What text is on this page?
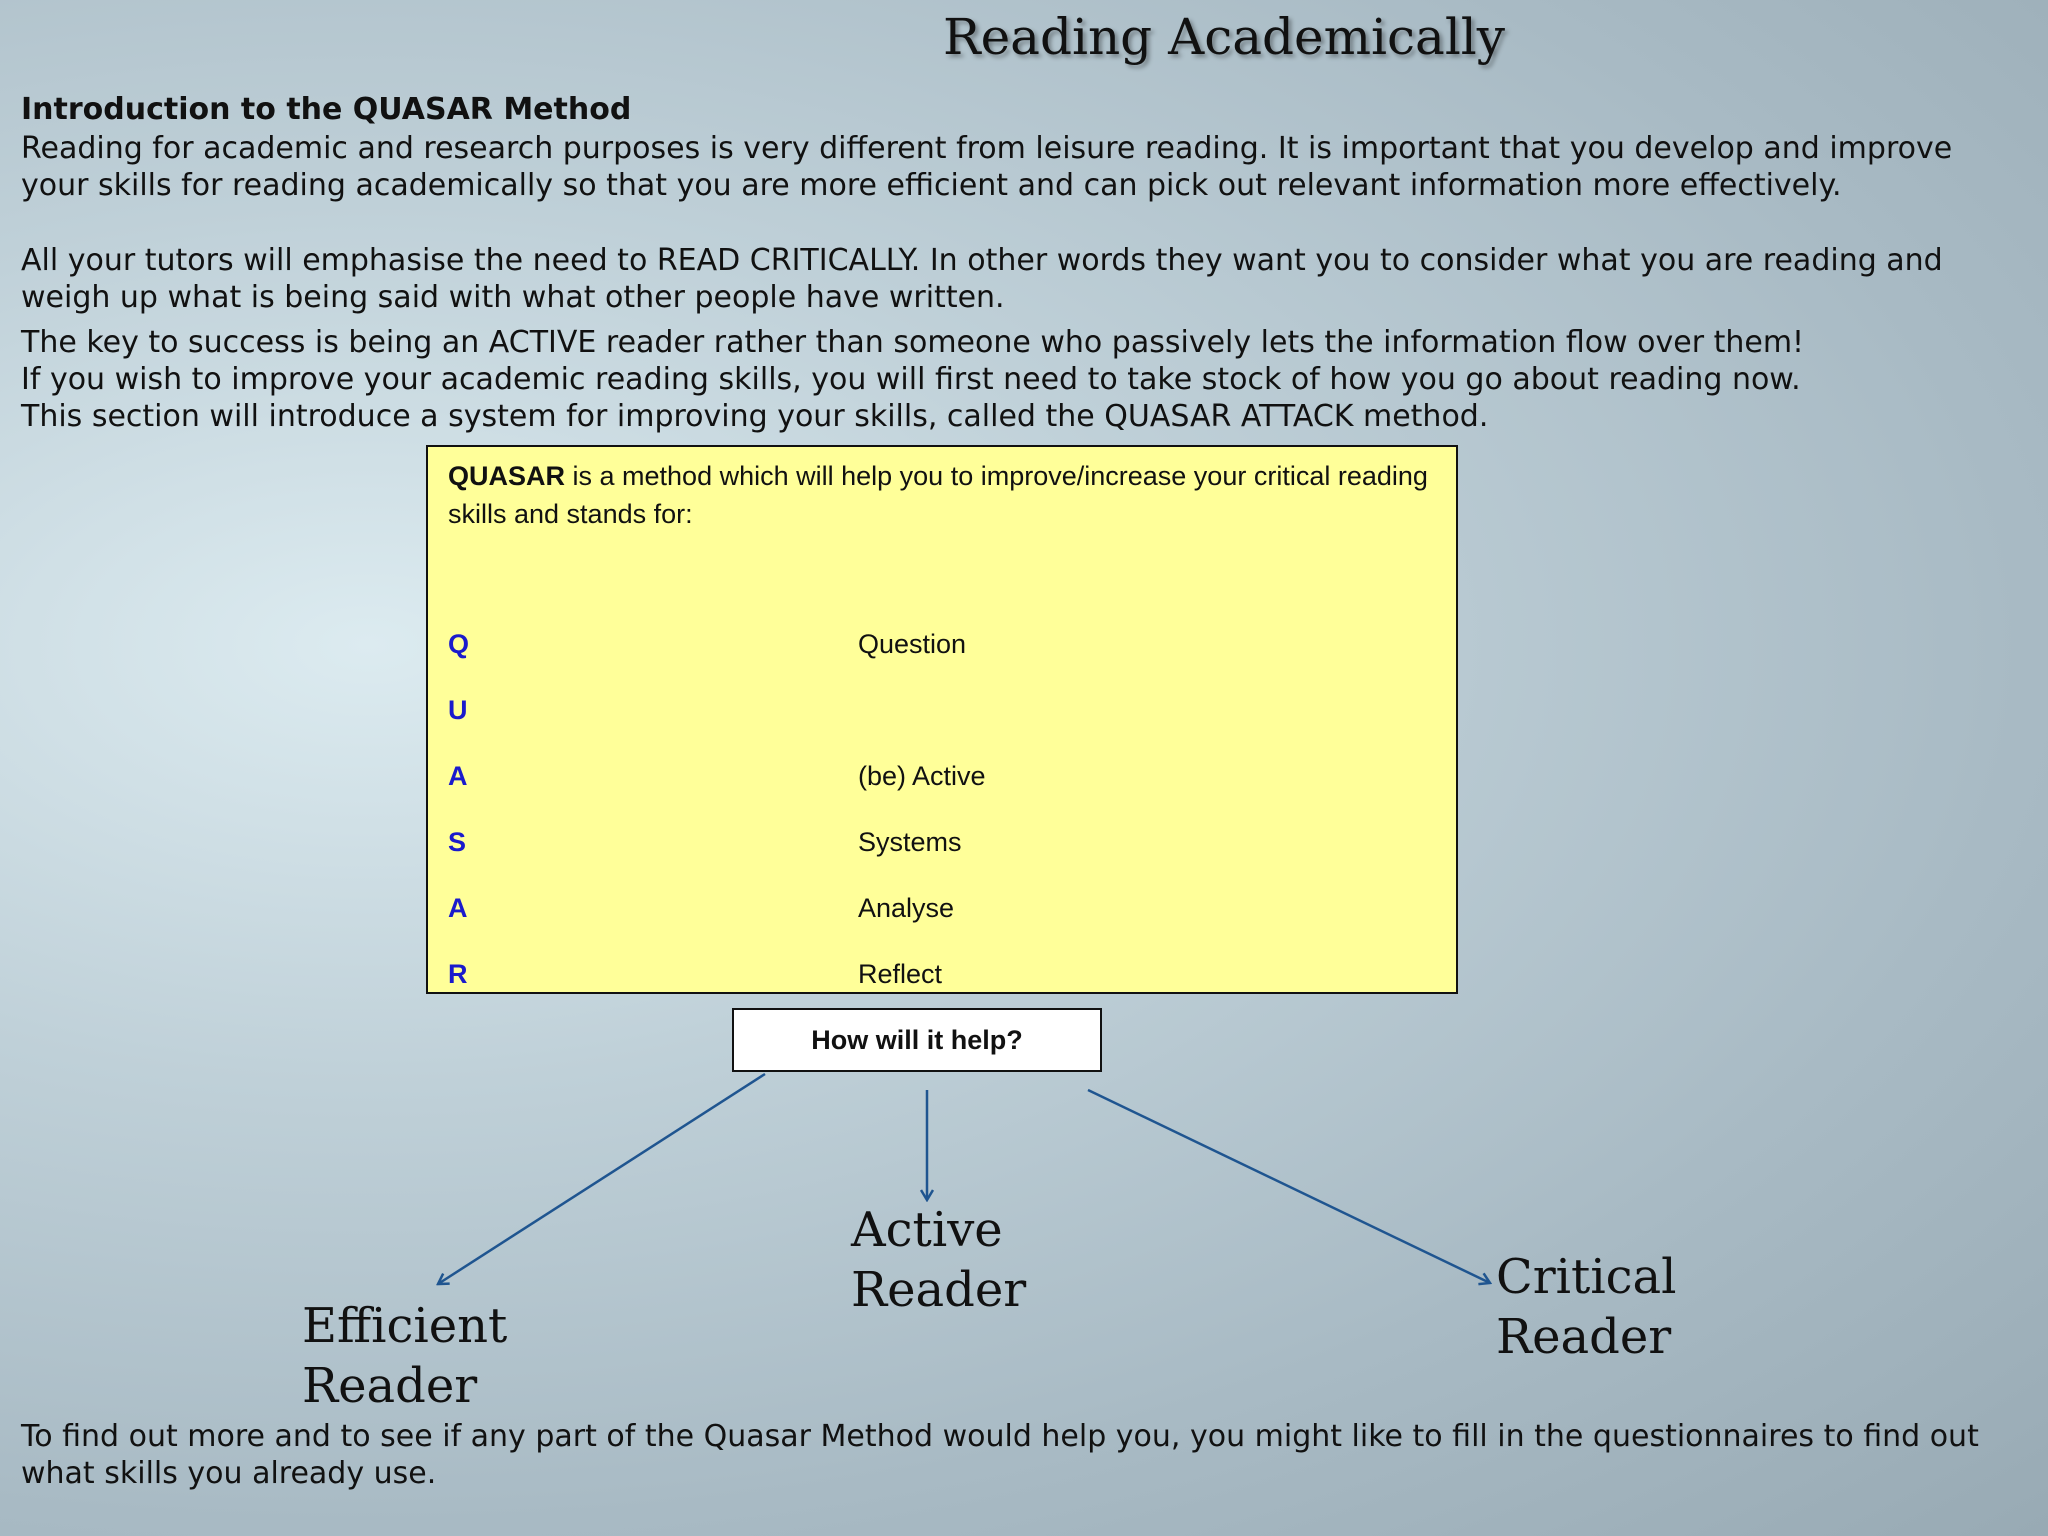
Reading Academically
Introduction to the QUASAR Method

Reading for academic and research purposes is very different from leisure reading. It is important that you develop and improve your skills for reading academically so that you are more efficient and can pick out relevant information more effectively.

All your tutors will emphasise the need to READ CRITICALLY. In other words they want you to consider what you are reading and weigh up what is being said with what other people have written.

The key to success is being an ACTIVE reader rather than someone who passively lets the information flow over them!

If you wish to improve your academic reading skills, you will first need to take stock of how you go about reading now.

This section will introduce a system for improving your skills, called the QUASAR ATTACK method.

QUASAR is a method which will help you to improve/increase your critical reading skills and stands for:
Q	Question
U
A	(be) Active
S	Systems
A	Analyse
R	Reflect
How will it help?
Efficient
Reader
Active
Reader	Critical
Reader

To find out more and to see if any part of the Quasar Method would help you, you might like to fill in the questionnaires to find out what skills you already use.
